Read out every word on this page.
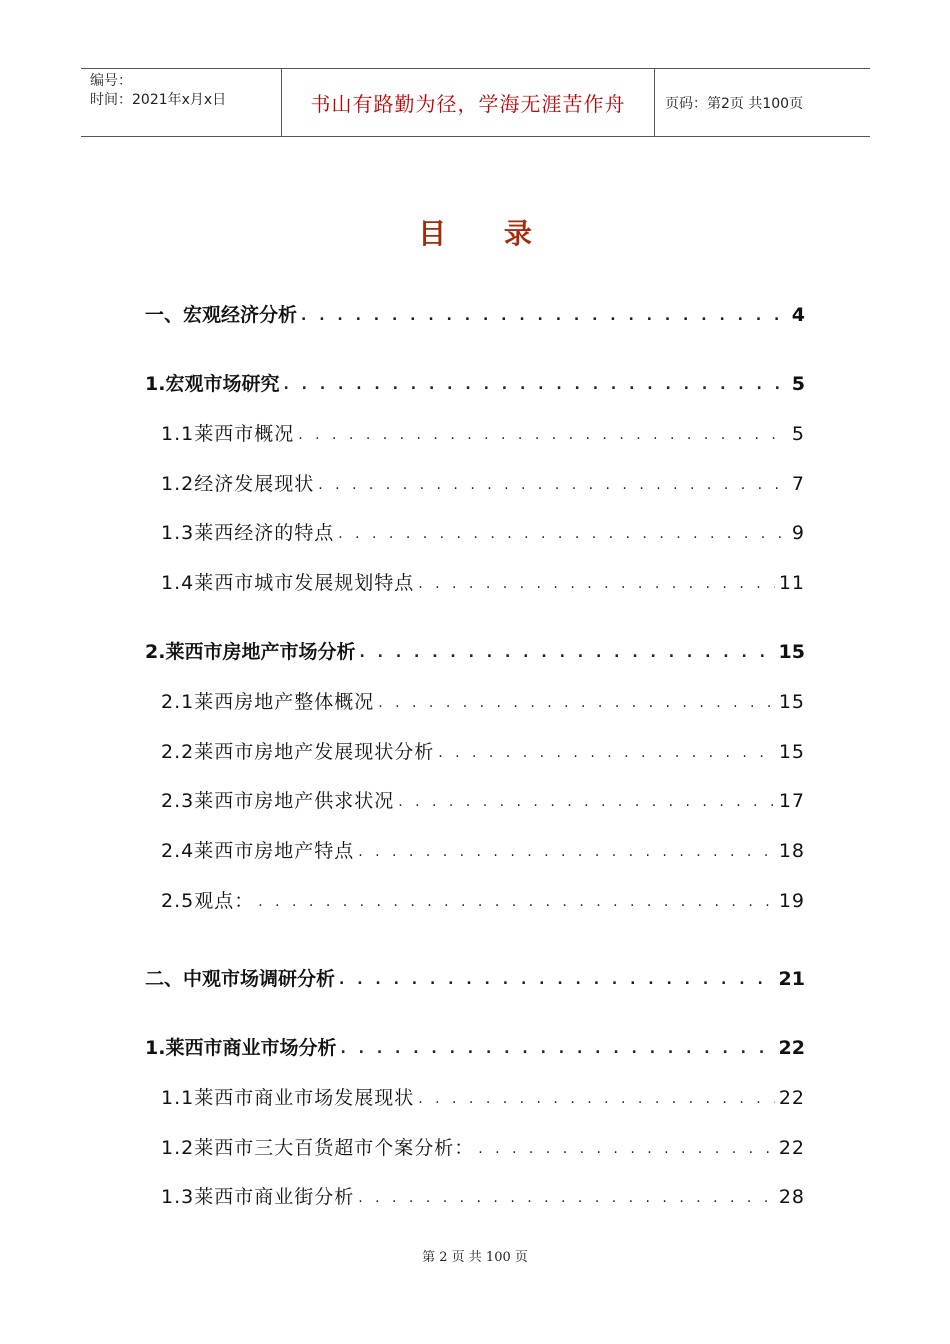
编号：
时间：2021年x月x日	书山有路勤为径，学海无涯苦作舟	页码：第2页 共100页
目 录
一、宏观经济分析 . . .	4
1.宏观市场研究 . . .	5
1.1莱西市概况 . . .	5
1.2经济发展现状 . . .	7
1.3莱西经济的特点 . . .	9
1.4莱西市城市发展规划特点 . . .	11
2.莱西市房地产市场分析 . . .	15
2.1莱西房地产整体概况 . . .	15
2.2莱西市房地产发展现状分析 . . .	15
2.3莱西市房地产供求状况 . . .	17
2.4莱西市房地产特点 . . .	18
2.5观点： . . .	19
二、中观市场调研分析 . . .	21
1.莱西市商业市场分析 . . .	22
1.1莱西市商业市场发展现状 . . .	22
1.2莱西市三大百货超市个案分析： . . .	22
1.3莱西市商业街分析 . . .	28
第 2 页 共 100 页
